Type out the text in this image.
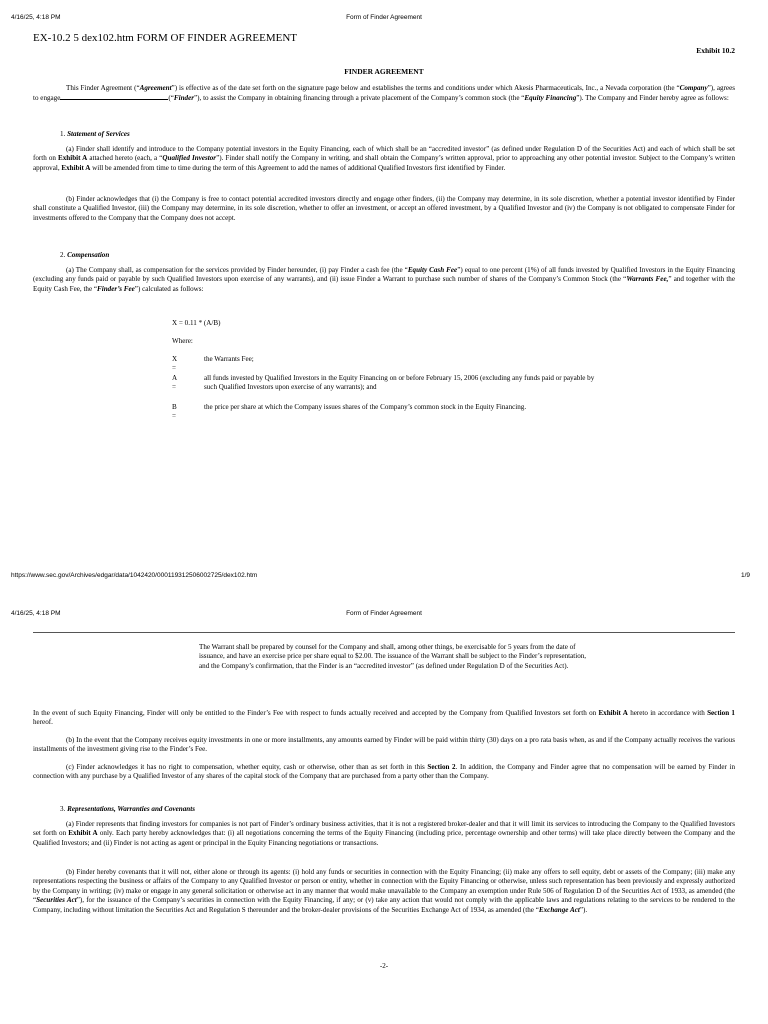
4/16/25, 4:18 PM	Form of Finder Agreement
EX-10.2 5 dex102.htm FORM OF FINDER AGREEMENT
Exhibit 10.2
FINDER AGREEMENT

This Finder Agreement (“Agreement”) is effective as of the date set forth on the signature page below and establishes the terms and conditions under which Akesis Pharmaceuticals, Inc., a Nevada corporation (the “Company”), agrees to engage	(“Finder”), to assist the Company in obtaining financing through a private placement of the Company’s common stock (the “Equity Financing”). The Company and Finder hereby agree as follows:

1. Statement of Services

(a) Finder shall identify and introduce to the Company potential investors in the Equity Financing, each of which shall be an “accredited investor” (as defined under Regulation D of the Securities Act) and each of which shall be set forth on Exhibit A attached hereto (each, a “Qualified Investor”). Finder shall notify the Company in writing, and shall obtain the Company’s written approval, prior to approaching any other potential investor. Subject to the Company’s written approval, Exhibit A will be amended from time to time during the term of this Agreement to add the names of additional Qualified Investors first identified by Finder.

(b) Finder acknowledges that (i) the Company is free to contact potential accredited investors directly and engage other finders, (ii) the Company may determine, in its sole discretion, whether a potential investor identified by Finder shall constitute a Qualified Investor, (iii) the Company may determine, in its sole discretion, whether to offer an investment, or accept an offered investment, by a Qualified Investor and (iv) the Company is not obligated to compensate Finder for investments offered to the Company that the Company does not accept.

2. Compensation

(a) The Company shall, as compensation for the services provided by Finder hereunder, (i) pay Finder a cash fee (the “Equity Cash Fee”) equal to one percent (1%) of all funds invested by Qualified Investors in the Equity Financing (excluding any funds paid or payable by such Qualified Investors upon exercise of any warrants), and (ii) issue Finder a Warrant to purchase such number of shares of the Company’s Common Stock (the “Warrants Fee,” and together with the Equity Cash Fee, the “Finder’s Fee”) calculated as follows:

X = 0.11 * (A/B)
Where:
X =
the Warrants Fee;
A =
all funds invested by Qualified Investors in the Equity Financing on or before February 15, 2006 (excluding any funds paid or payable by such Qualified Investors upon exercise of any warrants); and
B =
the price per share at which the Company issues shares of the Company’s common stock in the Equity Financing.
https://www.sec.gov/Archives/edgar/data/1042420/000119312506002725/dex102.htm	1/9
4/16/25, 4:18 PM	Form of Finder Agreement

The Warrant shall be prepared by counsel for the Company and shall, among other things, be exercisable for 5 years from the date of issuance, and have an exercise price per share equal to $2.00. The issuance of the Warrant shall be subject to the Finder’s representation, and the Company’s confirmation, that the Finder is an “accredited investor” (as defined under Regulation D of the Securities Act).

In the event of such Equity Financing, Finder will only be entitled to the Finder’s Fee with respect to funds actually received and accepted by the Company from Qualified Investors set forth on Exhibit A hereto in accordance with Section 1 hereof.

(b) In the event that the Company receives equity investments in one or more installments, any amounts earned by Finder will be paid within thirty (30) days on a pro rata basis when, as and if the Company actually receives the various installments of the investment giving rise to the Finder’s Fee.

(c) Finder acknowledges it has no right to compensation, whether equity, cash or otherwise, other than as set forth in this Section 2. In addition, the Company and Finder agree that no compensation will be earned by Finder in connection with any purchase by a Qualified Investor of any shares of the capital stock of the Company that are purchased from a party other than the Company.

3. Representations, Warranties and Covenants

(a) Finder represents that finding investors for companies is not part of Finder’s ordinary business activities, that it is not a registered broker-dealer and that it will limit its services to introducing the Company to the Qualified Investors set forth on Exhibit A only. Each party hereby acknowledges that: (i) all negotiations concerning the terms of the Equity Financing (including price, percentage ownership and other terms) will take place directly between the Company and the Qualified Investors; and (ii) Finder is not acting as agent or principal in the Equity Financing negotiations or transactions.

(b) Finder hereby covenants that it will not, either alone or through its agents: (i) hold any funds or securities in connection with the Equity Financing; (ii) make any offers to sell equity, debt or assets of the Company; (iii) make any representations respecting the business or affairs of the Company to any Qualified Investor or person or entity, whether in connection with the Equity Financing or otherwise, unless such representation has been previously and expressly authorized by the Company in writing; (iv) make or engage in any general solicitation or otherwise act in any manner that would make unavailable to the Company an exemption under Rule 506 of Regulation D of the Securities Act of 1933, as amended (the “Securities Act”), for the issuance of the Company’s securities in connection with the Equity Financing, if any; or (v) take any action that would not comply with the applicable laws and regulations relating to the services to be rendered to the Company, including without limitation the Securities Act and Regulation S thereunder and the broker-dealer provisions of the Securities Exchange Act of 1934, as amended (the “Exchange Act”).

-2-
